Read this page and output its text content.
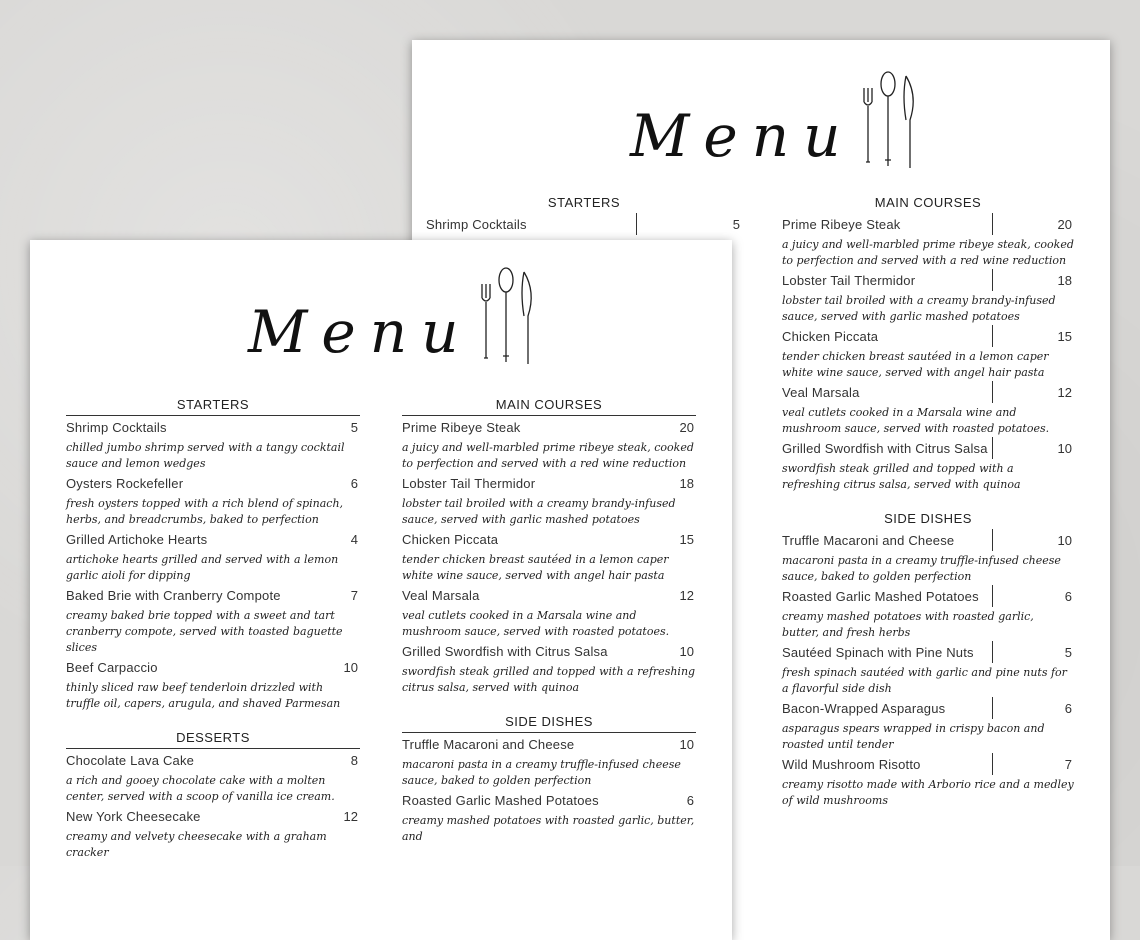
Menu
STARTERS
Shrimp Cocktails	5
MAIN COURSES
Prime Ribeye Steak	20
a juicy and well-marbled prime ribeye steak, cooked to perfection and served with a red wine reduction
Lobster Tail Thermidor	18
lobster tail broiled with a creamy brandy-infused sauce, served with garlic mashed potatoes
Chicken Piccata	15
tender chicken breast sautéed in a lemon caper white wine sauce, served with angel hair pasta
Veal Marsala	12
veal cutlets cooked in a Marsala wine and mushroom sauce, served with roasted potatoes.
Grilled Swordfish with Citrus Salsa	10
swordfish steak grilled and topped with a refreshing citrus salsa, served with quinoa
SIDE DISHES
Truffle Macaroni and Cheese	10
macaroni pasta in a creamy truffle-infused cheese sauce, baked to golden perfection
Roasted Garlic Mashed Potatoes	6
creamy mashed potatoes with roasted garlic, butter, and fresh herbs
Sautéed Spinach with Pine Nuts	5
fresh spinach sautéed with garlic and pine nuts for a flavorful side dish
Bacon-Wrapped Asparagus	6
asparagus spears wrapped in crispy bacon and roasted until tender
Wild Mushroom Risotto	7
creamy risotto made with Arborio rice and a medley of wild mushrooms
Menu
STARTERS
Shrimp Cocktails	5
chilled jumbo shrimp served with a tangy cocktail sauce and lemon wedges
Oysters Rockefeller	6
fresh oysters topped with a rich blend of spinach, herbs, and breadcrumbs, baked to perfection
Grilled Artichoke Hearts	4
artichoke hearts grilled and served with a lemon garlic aioli for dipping
Baked Brie with Cranberry Compote	7
creamy baked brie topped with a sweet and tart cranberry compote, served with toasted baguette slices
Beef Carpaccio	10
thinly sliced raw beef tenderloin drizzled with truffle oil, capers, arugula, and shaved Parmesan
DESSERTS
Chocolate Lava Cake	8
a rich and gooey chocolate cake with a molten center, served with a scoop of vanilla ice cream.
New York Cheesecake	12
creamy and velvety cheesecake with a graham cracker
MAIN COURSES
Prime Ribeye Steak	20
a juicy and well-marbled prime ribeye steak, cooked to perfection and served with a red wine reduction
Lobster Tail Thermidor	18
lobster tail broiled with a creamy brandy-infused sauce, served with garlic mashed potatoes
Chicken Piccata	15
tender chicken breast sautéed in a lemon caper white wine sauce, served with angel hair pasta
Veal Marsala	12
veal cutlets cooked in a Marsala wine and mushroom sauce, served with roasted potatoes.
Grilled Swordfish with Citrus Salsa	10
swordfish steak grilled and topped with a refreshing citrus salsa, served with quinoa
SIDE DISHES
Truffle Macaroni and Cheese	10
macaroni pasta in a creamy truffle-infused cheese sauce, baked to golden perfection
Roasted Garlic Mashed Potatoes	6
creamy mashed potatoes with roasted garlic, butter, and
